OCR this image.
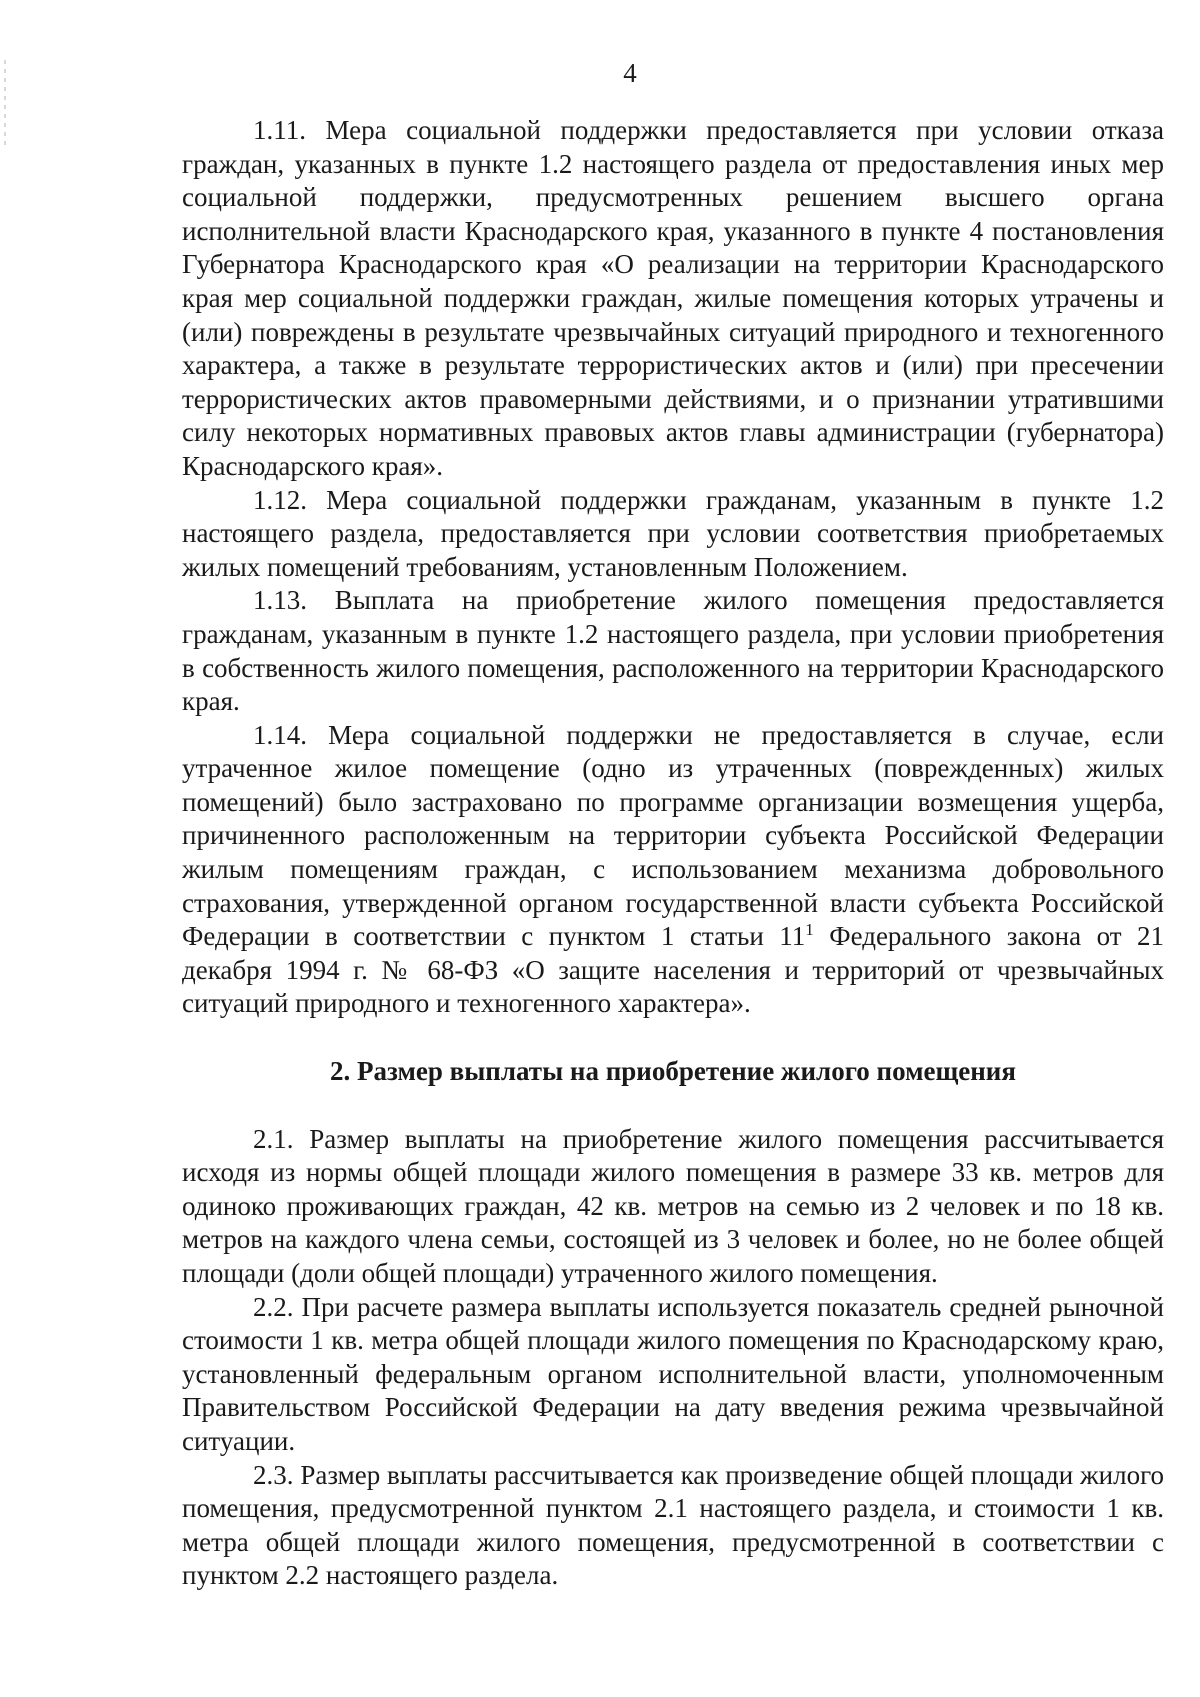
4

1.11. Мера социальной поддержки предоставляется при условии отказа граждан, указанных в пункте 1.2 настоящего раздела от предоставления иных мер социальной поддержки, предусмотренных решением высшего органа исполнительной власти Краснодарского края, указанного в пункте 4 постановления Губернатора Краснодарского края «О реализации на территории Краснодарского края мер социальной поддержки граждан, жилые помещения которых утрачены и (или) повреждены в результате чрезвычайных ситуаций природного и техногенного характера, а также в результате террористических актов и (или) при пресечении террористических актов правомерными действиями, и о признании утратившими силу некоторых нормативных правовых актов главы администрации (губернатора) Краснодарского края».

1.12. Мера социальной поддержки гражданам, указанным в пункте 1.2 настоящего раздела, предоставляется при условии соответствия приобретаемых жилых помещений требованиям, установленным Положением.

1.13. Выплата на приобретение жилого помещения предоставляется гражданам, указанным в пункте 1.2 настоящего раздела, при условии приобретения в собственность жилого помещения, расположенного на территории Краснодарского края.

1.14. Мера социальной поддержки не предоставляется в случае, если утраченное жилое помещение (одно из утраченных (поврежденных) жилых помещений) было застраховано по программе организации возмещения ущерба, причиненного расположенным на территории субъекта Российской Федерации жилым помещениям граждан, с использованием механизма добровольного страхования, утвержденной органом государственной власти субъекта Российской Федерации в соответствии с пунктом 1 статьи $11^1$ Федерального закона от 21 декабря 1994 г. № 68-ФЗ «О защите населения и территорий от чрезвычайных ситуаций природного и техногенного характера».

2. Размер выплаты на приобретение жилого помещения

2.1. Размер выплаты на приобретение жилого помещения рассчитывается исходя из нормы общей площади жилого помещения в размере 33 кв. метров для одиноко проживающих граждан, 42 кв. метров на семью из 2 человек и по 18 кв. метров на каждого члена семьи, состоящей из 3 человек и более, но не более общей площади (доли общей площади) утраченного жилого помещения.

2.2. При расчете размера выплаты используется показатель средней рыночной стоимости 1 кв. метра общей площади жилого помещения по Краснодарскому краю, установленный федеральным органом исполнительной власти, уполномоченным Правительством Российской Федерации на дату введения режима чрезвычайной ситуации.

2.3. Размер выплаты рассчитывается как произведение общей площади жилого помещения, предусмотренной пунктом 2.1 настоящего раздела, и стоимости 1 кв. метра общей площади жилого помещения, предусмотренной в соответствии с пунктом 2.2 настоящего раздела.
